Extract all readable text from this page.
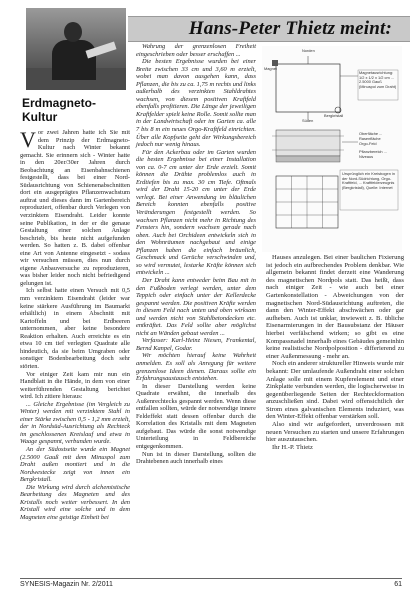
Hans-Peter Thietz meint:
Erdmagneto-Kultur

Vor zwei Jahren hatte ich Sie mit dem Prinzip der Erdmagneto-Kultur nach Winter bekannt gemacht. Sie erinnern sich - Winter hatte in den 20er/30er Jahren durch Beobachtung an Eisenbahnschienen festgestellt, dass bei einer Nord-Südausrichtung von Schienenabschnitten dort ein ausgeprägtes Pflanzenwachstum auftrat und dieses dann im Gartenbereich reproduziert, offenbar durch Verlegen von verzinktem Eisendraht. Leider konnte seine Publikation, in der er die genaue Gestaltung einer solchen Anlage beschrieb, bis heute nicht aufgefunden werden. So hatten z. B. dabei offenbar eine Art von Antenne eingesetzt - sodass wir versuchen müssen, dies nun durch eigene Anbauversuche zu reproduzieren, was bisher leider noch nicht befriedigend gelungen ist.

Ich selbst hatte einen Versuch mit 0,5 mm verzinktem Eisendraht (leider war keine stärkere Ausführung im Baumarkt erhältlich) in einem Abschnitt mit Kartoffeln und bei Erdbeeren unternommen, aber keine besondere Reaktion erhalten. Auch erreichte es ein etwa 10 cm tief verlegten Quadrate alle hindeutich, da sie beim Umgraben oder sonstiger Bodenbearbeitung doch sehr störten.

Vor einiger Zeit kam mir nun ein Handblatt in die Hände, in dem von einer weiterführenden Gestaltung berichtet wird. Ich zitiere hieraus:

... Gleiche Ergebnisse (im Vergleich zu Winter) werden mit verzinktem Stahl in einer Stärke zwischen 0,5 - 1,2 mm erzielt, der in Nordsüd-Ausrichtung als Rechteck im geschlossenen Kreislauf und etwa in Waage gespannt, verbunden wurde.

An der Südostseite wurde ein Magnet (2.5000 Gauß mit dem Minuspol zum Draht außen montiert und in die Nordwestecke zeigt von innen ein Bergkristall.

Die Wirkung wird durch alchemistische Bearbeitung des Magneten und des Kristalls noch weiter verbessert. In den Kristall wird eine solche und in dem Magneten eine geistige Einheit bei

Wahrung der grenzenlosen Freiheit eingeschrieben oder besser erschaffen ...

Die besten Ergebnisse wurden bei einer Breite zwischen 33 cm und 3,60 m erzielt, wobei man davon ausgehen kann, dass Pflanzen, die bis zu ca. 1,75 m rechts und links außerhalb des verzinkten Stahldrahtes wachsen, von diesem positiven Kraftfeld ebenfalls profitieren. Die Länge der jeweiligen Kraftfelder spielt keine Rolle. Somit sollte man in der Landwirtschaft oder im Garten ca. alle 7 bis 8 m ein neues Orgo-Kraftfeld einrichten. Über alle Kopfseite geht der Wirkungsbereich jedoch nur wenig hinaus.

Für den Ackerbau oder im Garten wurden die besten Ergebnisse bei einer Installation von ca. 0-7 cm unter der Erde erzielt. Somit können die Drähte problemlos auch in Erdtiefen bis zu max. 30 cm Tiefe. Oftmals wird der Draht 15-20 cm unter der Erde verlegt. Bei einer Anwendung im bläulichen Bereich konnten ebenfalls positive Veränderungen festgestellt werden. So wachsen Pflanzen nicht mehr in Richtung des Fensters hin, sondern wachsen gerade nach oben. Auch bei Orchideen entwickeln sich in den Wohnräumen nachgebaut und einige Pflanzen haben die einfach bräunlich, Geschmack und Gerüche verschwinden und, so wird vermutet, lestarke Kräfte können sich entwickeln ...

Der Draht kann entweder beim Bau mit in den Fußboden verlegt werden, unter dem Teppich oder einfach unter der Kellerdecke gespannt werden. Die positiven Kräfte werden in diesem Feld nach unten und oben wirksam und werden nicht von Stahlbetondecken etc. entkräftet. Das Feld sollte aber möglichst nicht an Wänden gebaut werden ...

Verfasser: Karl-Heinz Niesen, Frankental, Bernd Kanpel, Godar.

Wir möchten hierauf keine Wahrheit anmelden. Es soll als Anregung für weitere grenzenlose Ideen dienen. Daraus sollte ein Erfahrungsaustausch entstehen.

In dieser Darstellung werden keine Quadrate erwähnt, die innerhalb des Außenrechtecks gespannt werden. Wenn diese entfallen sollten, würde der notwendige innere Feldeffekt statt dessen offenbar durch die Korrelation des Kristalls mit dem Magneten aufgebaut. Das würde die sonst notwendige Unterteilung in Feldbereiche entgegenkommen.

Nun ist in dieser Darstellung, sollten die Drahtebenen auch innerhalb eines

Norden
Süden
Magnet
Bergkristall
Magnetausrichtung: 1/2 x 1/2 x 1/2 cm ... 2.5000 Gauß (Minuspol zum Draht)
Oberfläche ... Rasenfläche
Orgo-Feld
Pflanzbereich ... Niveaus
Ursprünglich ein Kreisbogen in der Nord-Südrichtung, Orgo-Kraftfeld, ... Kraftfelderzeugnis (Bergkristall), Quelle: Internet

Hauses anzulegen. Bei einer baulichen Fixierung ist jedoch ein aufbrechendes Problem denkbar. Wie allgemein bekannt findet derzeit eine Wanderung des magnetischen Nordpols statt. Das heißt, dass nach einiger Zeit - wie auch bei einer Gartenkonstellation - Abweichungen von der magnetischen Nord-Südausrichtung auftreten, die dann den Winter-Effekt abschwächen oder gar aufheben. Auch ist unklar, inwieweit z. B. übliche Eisenarmierungen in der Bausubstanz der Häuser hierbei verfälschend wirken; so gibt es eine Kompassnadel innerhalb eines Gebäudes gemeinhin keine realistische Nordpolposition - differierend zu einer Außenmessung - mehr an.

Noch ein anderer struktureller Hinweis wurde mir bekannt: Der umlaufende Außendraht einer solchen Anlage solle mit einem Kupferelement und einer Zinkplatte verbunden werden, die logischerweise in gegenüberliegende Seiten der Rechteckformation anzuschließen sind. Dabei wird offensichtlich der Strom eines galvanischen Elements induziert, was den Winter-Effekt offenbar verstärken soll.

Also sind wir aufgefordert, unverdrossen mit neuen Versuchen zu starten und unsere Erfahrungen hier auszutauschen.

Ihr H.-P. Thietz

SYNESIS-Magazin Nr. 2/2011	61
